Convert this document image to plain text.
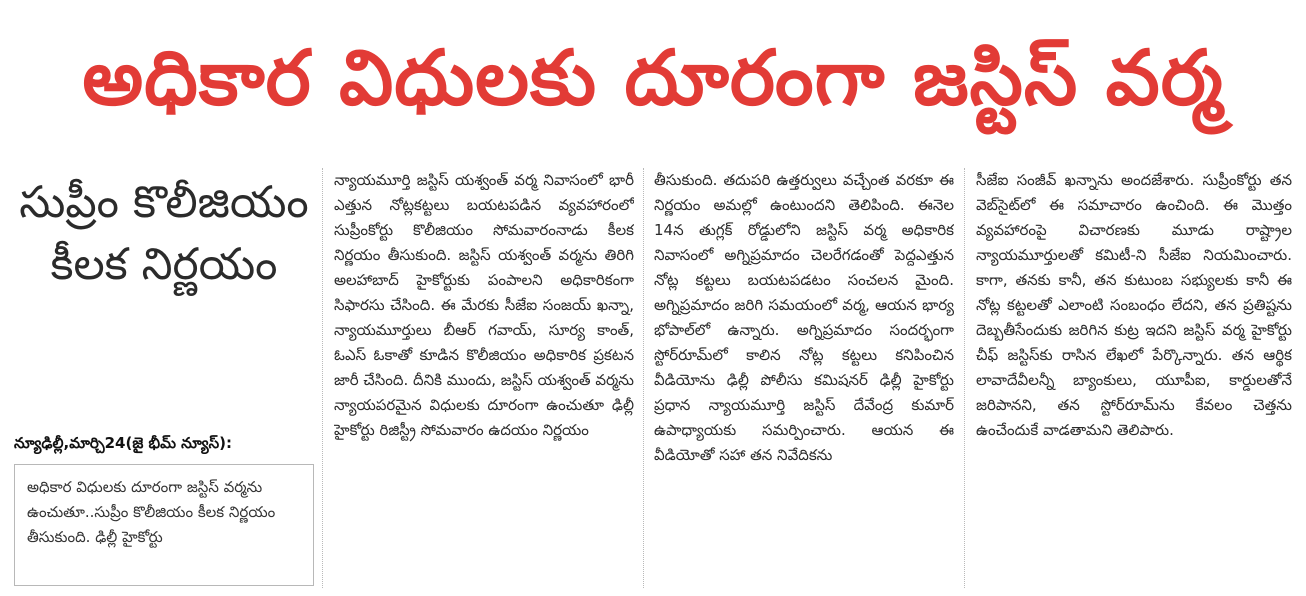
అధికార విధులకు దూరంగా జస్టిస్ వర్మ
సుప్రీం కొలీజియం కీలక నిర్ణయం
న్యూఢిల్లీ,మార్చి24(జై భీమ్ న్యూస్):
అధికార విధులకు దూరంగా జస్టిస్ వర్మను ఉంచుతూ..సుప్రీం కొలీజియం కీలక నిర్ణయం తీసుకుంది. ఢిల్లీ హైకోర్టు

న్యాయమూర్తి జస్టిస్ యశ్వంత్ వర్మ నివాసంలో భారీ ఎత్తున నోట్లకట్టలు బయటపడిన వ్యవహారంలో సుప్రీంకోర్టు కొలీజియం సోమవారంనాడు కీలక నిర్ణయం తీసుకుంది. జస్టిస్ యశ్వంత్ వర్మను తిరిగి అలహాబాద్ హైకోర్టుకు పంపాలని అధికారికంగా సిఫారసు చేసింది. ఈ మేరకు సీజేఐ సంజయ్ ఖన్నా, న్యాయమూర్తులు బీఆర్ గవాయ్, సూర్య కాంత్, ఓఎస్ ఓకాతో కూడిన కొలీజియం అధికారిక ప్రకటన జారీ చేసింది. దీనికి ముందు, జస్టిస్ యశ్వంత్ వర్మను న్యాయపరమైన విధులకు దూరంగా ఉంచుతూ ఢిల్లీ హైకోర్టు రిజిస్ట్రీ సోమవారం ఉదయం నిర్ణయం

తీసుకుంది. తదుపరి ఉత్తర్వులు వచ్చేంత వరకూ ఈ నిర్ణయం అమల్లో ఉంటుందని తెలిపింది. ఈనెల 14న తుగ్లక్ రోడ్డులోని జస్టిస్ వర్మ అధికారిక నివాసంలో అగ్నిప్రమాదం చెలరేగడంతో పెద్దఎత్తున నోట్ల కట్టలు బయటపడటం సంచలన మైంది. అగ్నిప్రమాదం జరిగి సమయంలో వర్మ, ఆయన భార్య భోపాల్‌లో ఉన్నారు. అగ్నిప్రమాదం సందర్భంగా స్టోర్‌రూమ్‌లో కాలిన నోట్ల కట్టలు కనిపించిన వీడియోను ఢిల్లీ పోలీసు కమిషనర్ ఢిల్లీ హైకోర్టు ప్రధాన న్యాయమూర్తి జస్టిస్ దేవేంద్ర కుమార్ ఉపాధ్యాయకు సమర్పించారు. ఆయన ఈ వీడియోతో సహా తన నివేదికను

సీజేఐ సంజీవ్ ఖన్నాను అందజేశారు. సుప్రీంకోర్టు తన వెబ్‌సైట్‌లో ఈ సమాచారం ఉంచింది. ఈ మొత్తం వ్యవహారంపై విచారణకు మూడు రాష్ట్రాల న్యాయమూర్తులతో కమిటీ-ని సీజేఐ నియమించారు. కాగా, తనకు కానీ, తన కుటుంబ సభ్యులకు కానీ ఈ నోట్ల కట్టలతో ఎలాంటి సంబంధం లేదని, తన ప్రతిష్టను దెబ్బతీసేందుకు జరిగిన కుట్ర ఇదని జస్టిస్ వర్మ హైకోర్టు చీఫ్ జస్టిస్‌కు రాసిన లేఖలో పేర్కొన్నారు. తన ఆర్థిక లావాదేవీలన్నీ బ్యాంకులు, యూపీఐ, కార్డులతోనే జరిపానని, తన స్టోర్‌రూమ్‌ను కేవలం చెత్తను ఉంచేందుకే వాడతామని తెలిపారు.
